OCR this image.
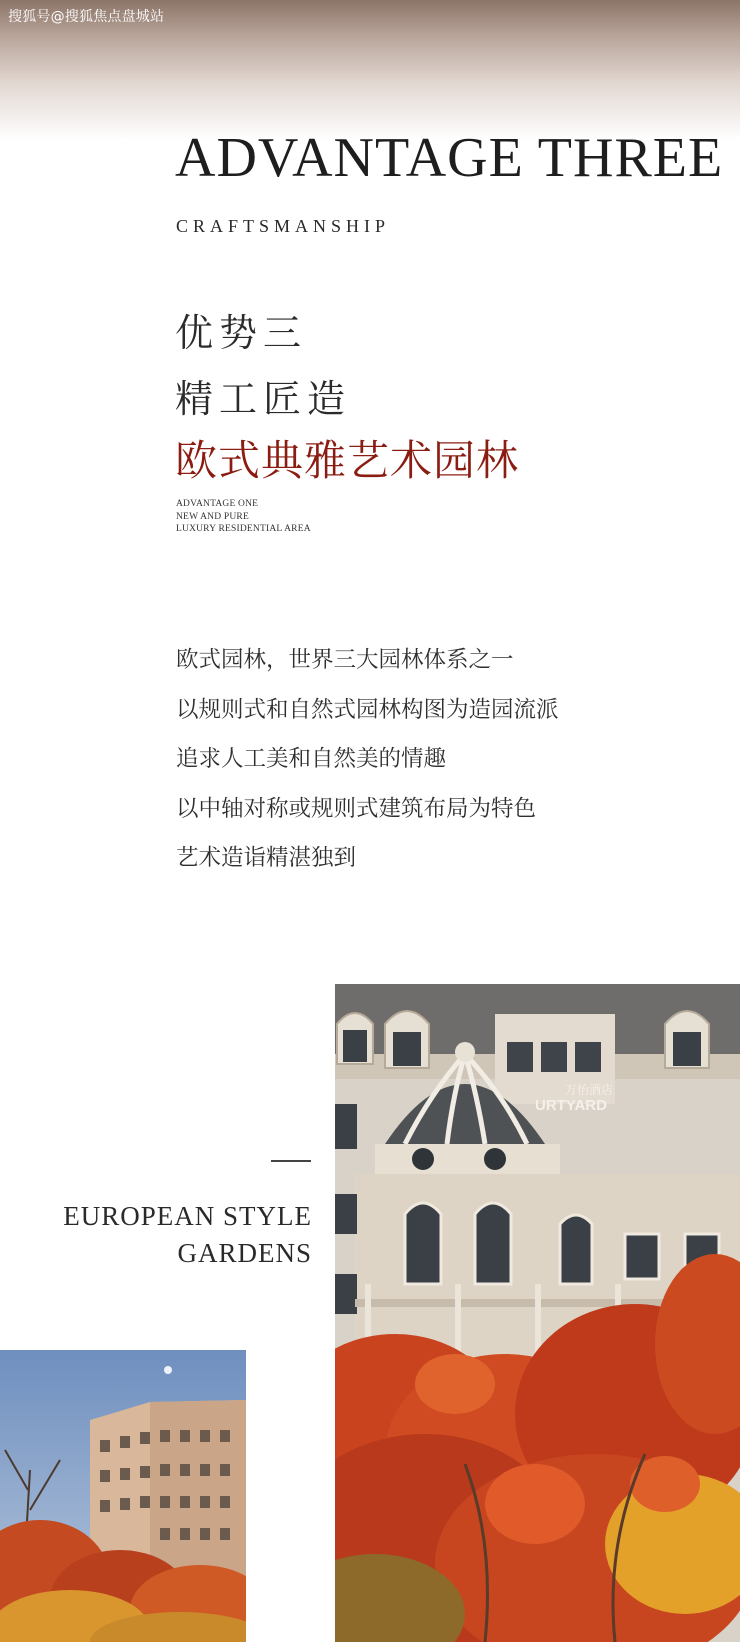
搜狐号@搜狐焦点盘城站
ADVANTAGE THREE
CRAFTSMANSHIP
优势三
精工匠造
欧式典雅艺术园林
ADVANTAGE ONE
NEW AND PURE
LUXURY RESIDENTIAL AREA
欧式园林，世界三大园林体系之一
以规则式和自然式园林构图为造园流派
追求人工美和自然美的情趣
以中轴对称或规则式建筑布局为特色
艺术造诣精湛独到
EUROPEAN STYLE
GARDENS
万怡酒店
URTYARD
